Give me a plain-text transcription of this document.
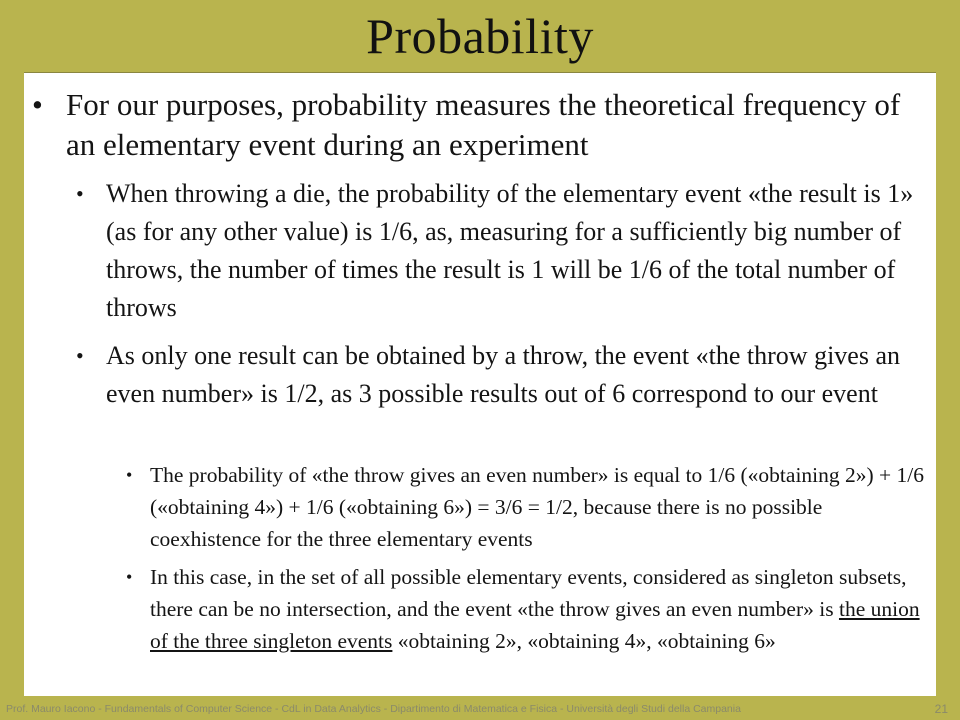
Probability
• For our purposes, probability measures the theoretical frequency of an elementary event during an experiment
• When throwing a die, the probability of the elementary event «the result is 1» (as for any other value) is 1/6, as, measuring for a sufficiently big number of throws, the number of times the result is 1 will be 1/6 of the total number of throws
• As only one result can be obtained by a throw, the event «the throw gives an even number» is 1/2, as 3 possible results out of 6 correspond to our event
• The probability of «the throw gives an even number» is equal to 1/6 («obtaining 2») + 1/6 («obtaining 4») + 1/6 («obtaining 6») = 3/6 = 1/2, because there is no possible coexhistence for the three elementary events
• In this case, in the set of all possible elementary events, considered as singleton subsets, there can be no intersection, and the event «the throw gives an even number» is the union of the three singleton events «obtaining 2», «obtaining 4», «obtaining 6»
Prof. Mauro Iacono - Fundamentals of Computer Science - CdL in Data Analytics - Dipartimento di Matematica e Fisica - Università degli Studi della Campania	21
